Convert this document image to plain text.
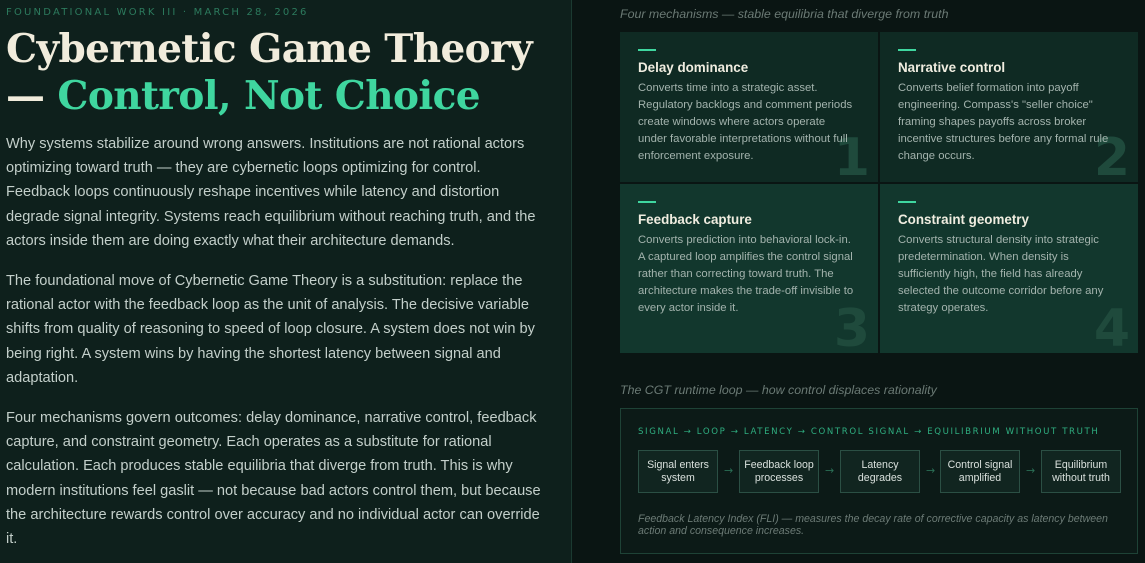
FOUNDATIONAL WORK III · MARCH 28, 2026
Cybernetic Game Theory
— Control, Not Choice

Why systems stabilize around wrong answers. Institutions are not rational actors optimizing toward truth — they are cybernetic loops optimizing for control. Feedback loops continuously reshape incentives while latency and distortion degrade signal integrity. Systems reach equilibrium without reaching truth, and the actors inside them are doing exactly what their architecture demands.

The foundational move of Cybernetic Game Theory is a substitution: replace the rational actor with the feedback loop as the unit of analysis. The decisive variable shifts from quality of reasoning to speed of loop closure. A system does not win by being right. A system wins by having the shortest latency between signal and adaptation.

Four mechanisms govern outcomes: delay dominance, narrative control, feedback capture, and constraint geometry. Each operates as a substitute for rational calculation. Each produces stable equilibria that diverge from truth. This is why modern institutions feel gaslit — not because bad actors control them, but because the architecture rewards control over accuracy and no individual actor can override it.

Four mechanisms — stable equilibria that diverge from truth
Delay dominance
Converts time into a strategic asset. Regulatory backlogs and comment periods create windows where actors operate under favorable interpretations without full enforcement exposure.	1
Narrative control
Converts belief formation into payoff engineering. Compass's "seller choice" framing shapes payoffs across broker incentive structures before any formal rule change occurs.	2
Feedback capture
Converts prediction into behavioral lock-in. A captured loop amplifies the control signal rather than correcting toward truth. The architecture makes the trade-off invisible to every actor inside it.	3
Constraint geometry
Converts structural density into strategic predetermination. When density is sufficiently high, the field has already selected the outcome corridor before any strategy operates.	4
The CGT runtime loop — how control displaces rationality
SIGNAL → LOOP → LATENCY → CONTROL SIGNAL → EQUILIBRIUM WITHOUT TRUTH
Signal enters system
→	Feedback loop processes
→	Latency degrades
→	Control signal amplified
→	Equilibrium without truth
Feedback Latency Index (FLI) — measures the decay rate of corrective capacity as latency between action and consequence increases.
